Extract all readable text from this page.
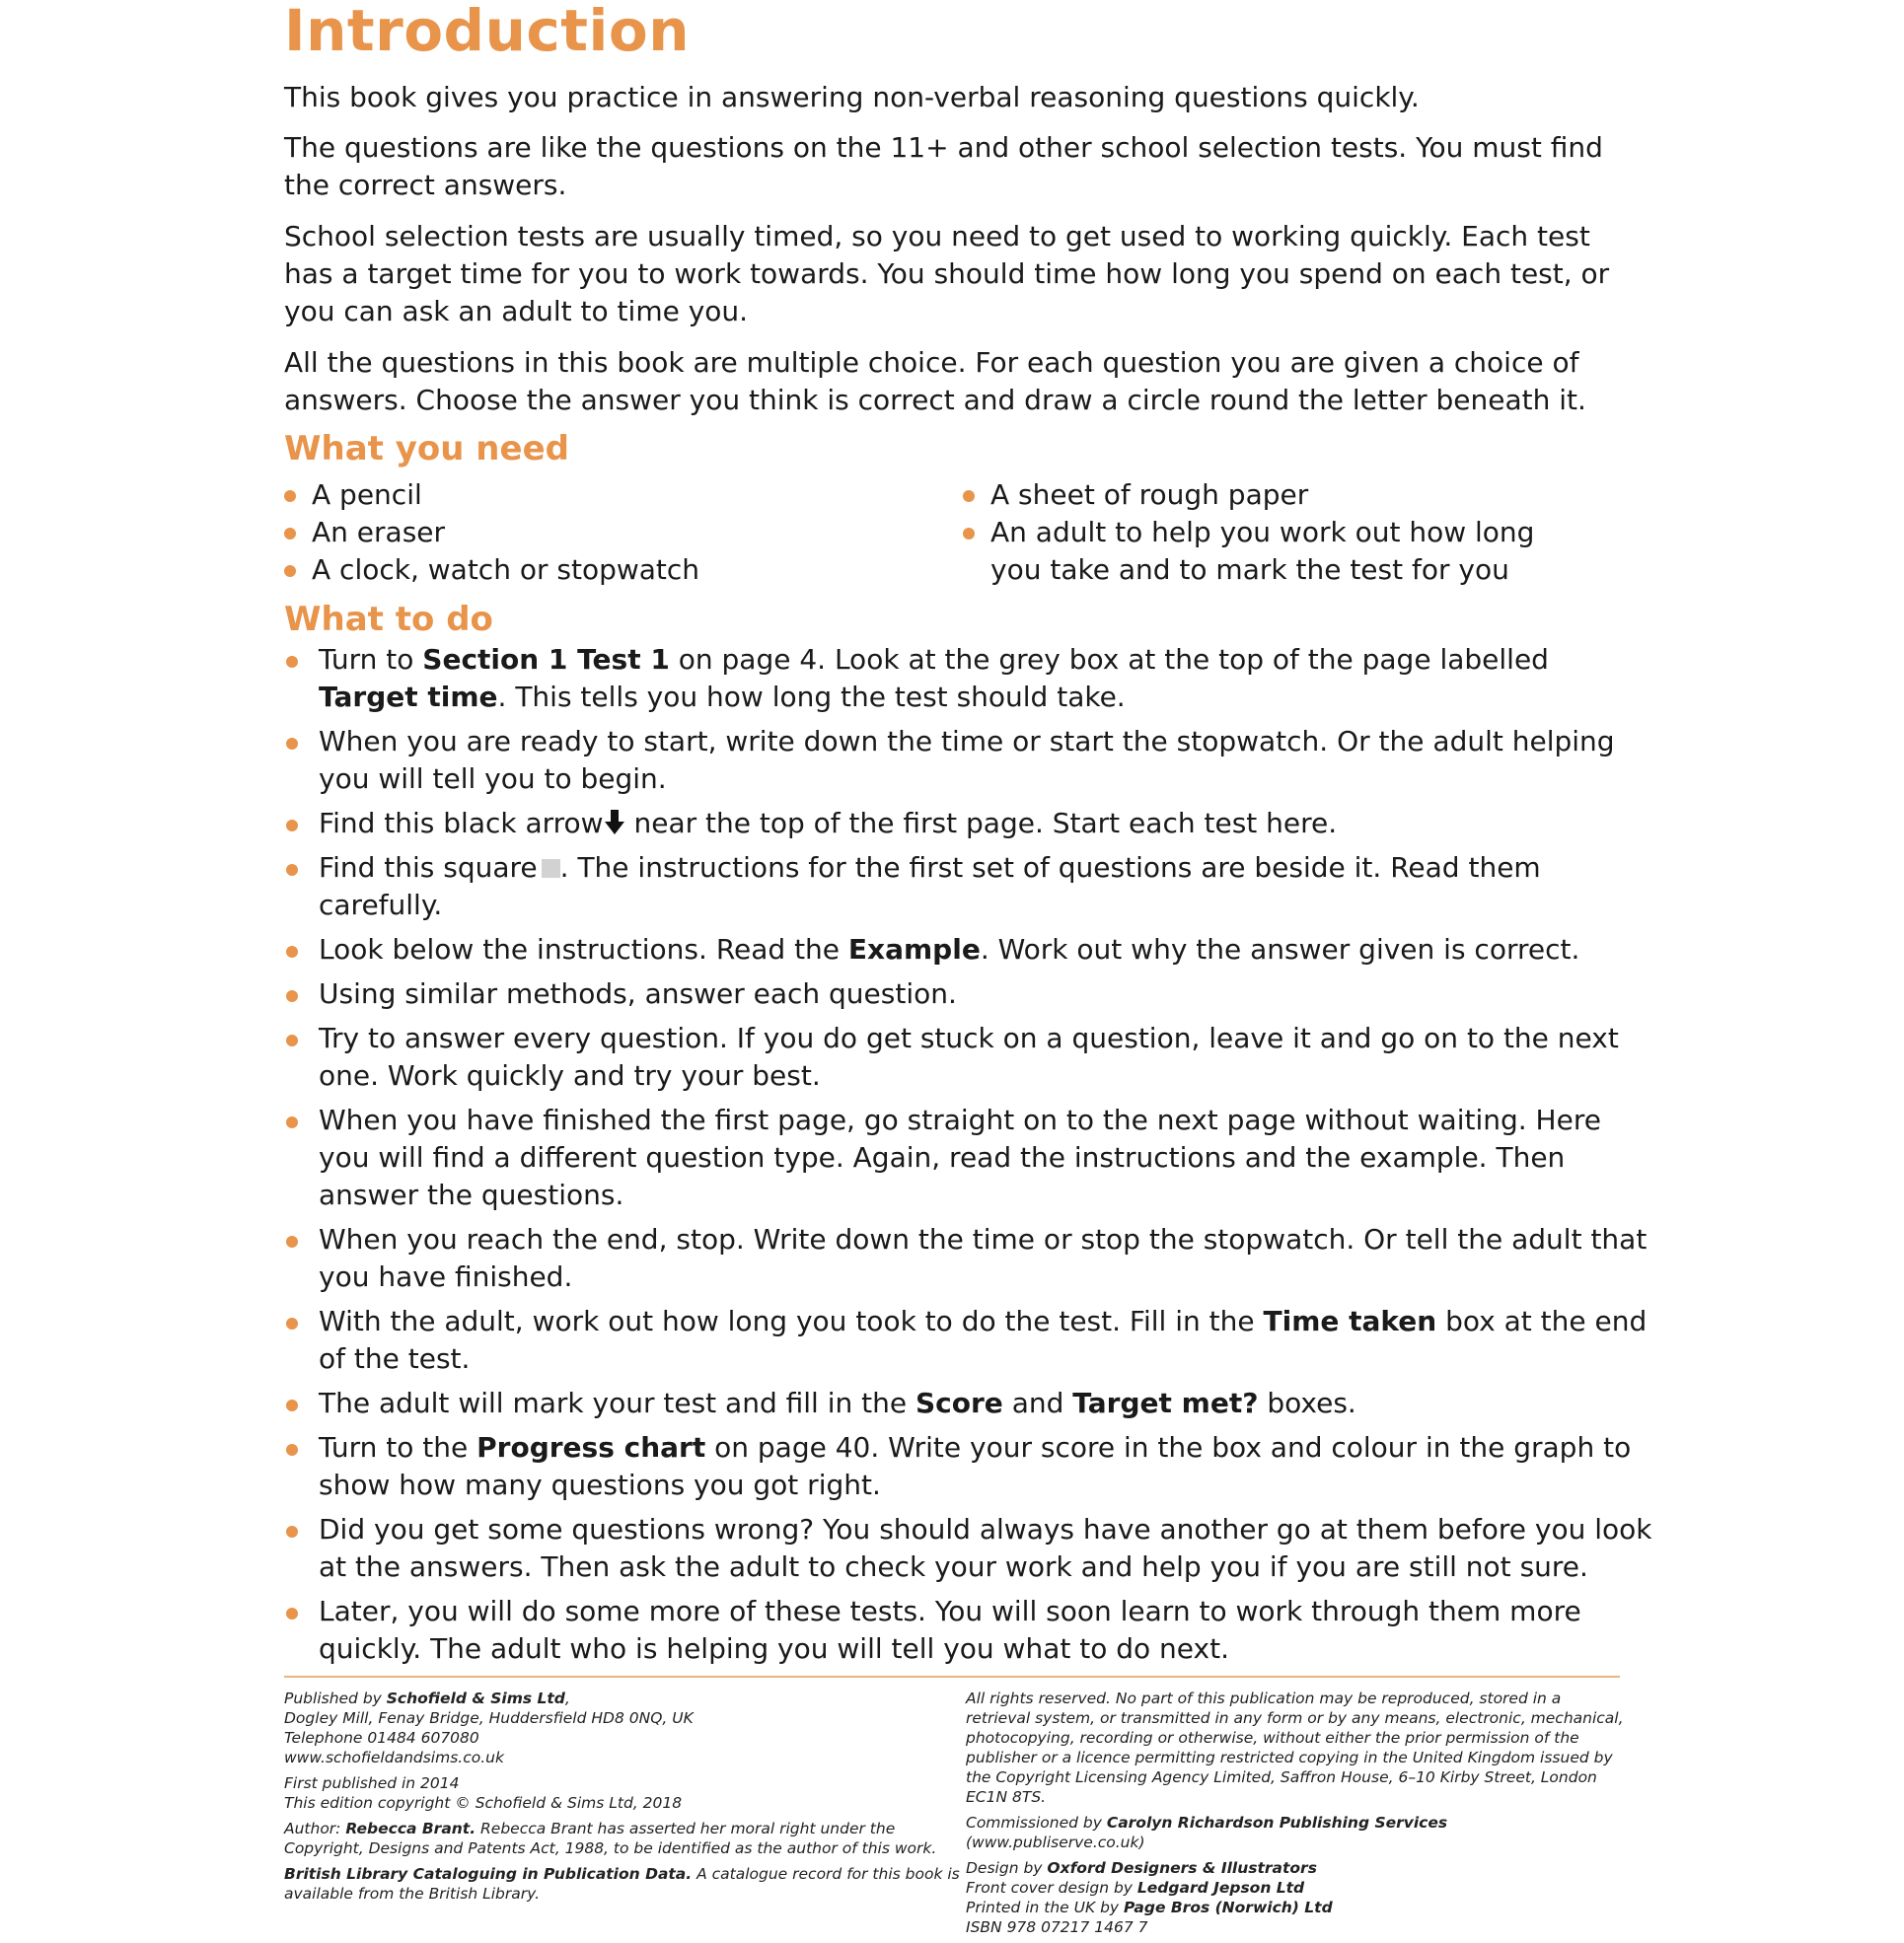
Introduction

This book gives you practice in answering non-verbal reasoning questions quickly.

The questions are like the questions on the 11+ and other school selection tests. You must find the correct answers.

School selection tests are usually timed, so you need to get used to working quickly. Each test has a target time for you to work towards. You should time how long you spend on each test, or you can ask an adult to time you.

All the questions in this book are multiple choice. For each question you are given a choice of answers. Choose the answer you think is correct and draw a circle round the letter beneath it.

What you need
A pencil
An eraser
A clock, watch or stopwatch
A sheet of rough paper
An adult to help you work out how long you take and to mark the test for you
What to do
Turn to Section 1 Test 1 on page 4. Look at the grey box at the top of the page labelled Target time. This tells you how long the test should take.
When you are ready to start, write down the time or start the stopwatch. Or the adult helping you will tell you to begin.
Find this black arrow near the top of the first page. Start each test here.
Find this square . The instructions for the first set of questions are beside it. Read them carefully.
Look below the instructions. Read the Example. Work out why the answer given is correct.
Using similar methods, answer each question.
Try to answer every question. If you do get stuck on a question, leave it and go on to the next one. Work quickly and try your best.
When you have finished the first page, go straight on to the next page without waiting. Here you will find a different question type. Again, read the instructions and the example. Then answer the questions.
When you reach the end, stop. Write down the time or stop the stopwatch. Or tell the adult that you have finished.
With the adult, work out how long you took to do the test. Fill in the Time taken box at the end of the test.
The adult will mark your test and fill in the Score and Target met? boxes.
Turn to the Progress chart on page 40. Write your score in the box and colour in the graph to show how many questions you got right.
Did you get some questions wrong? You should always have another go at them before you look at the answers. Then ask the adult to check your work and help you if you are still not sure.
Later, you will do some more of these tests. You will soon learn to work through them more quickly. The adult who is helping you will tell you what to do next.

Published by Schofield & Sims Ltd,
Dogley Mill, Fenay Bridge, Huddersfield HD8 0NQ, UK
Telephone 01484 607080
www.schofieldandsims.co.uk

First published in 2014
This edition copyright © Schofield & Sims Ltd, 2018

Author: Rebecca Brant. Rebecca Brant has asserted her moral right under the Copyright, Designs and Patents Act, 1988, to be identified as the author of this work.

British Library Cataloguing in Publication Data. A catalogue record for this book is available from the British Library.

All rights reserved. No part of this publication may be reproduced, stored in a retrieval system, or transmitted in any form or by any means, electronic, mechanical, photocopying, recording or otherwise, without either the prior permission of the publisher or a licence permitting restricted copying in the United Kingdom issued by the Copyright Licensing Agency Limited, Saffron House, 6–10 Kirby Street, London EC1N 8TS.

Commissioned by Carolyn Richardson Publishing Services (www.publiserve.co.uk)

Design by Oxford Designers & Illustrators
Front cover design by Ledgard Jepson Ltd
Printed in the UK by Page Bros (Norwich) Ltd
ISBN 978 07217 1467 7
